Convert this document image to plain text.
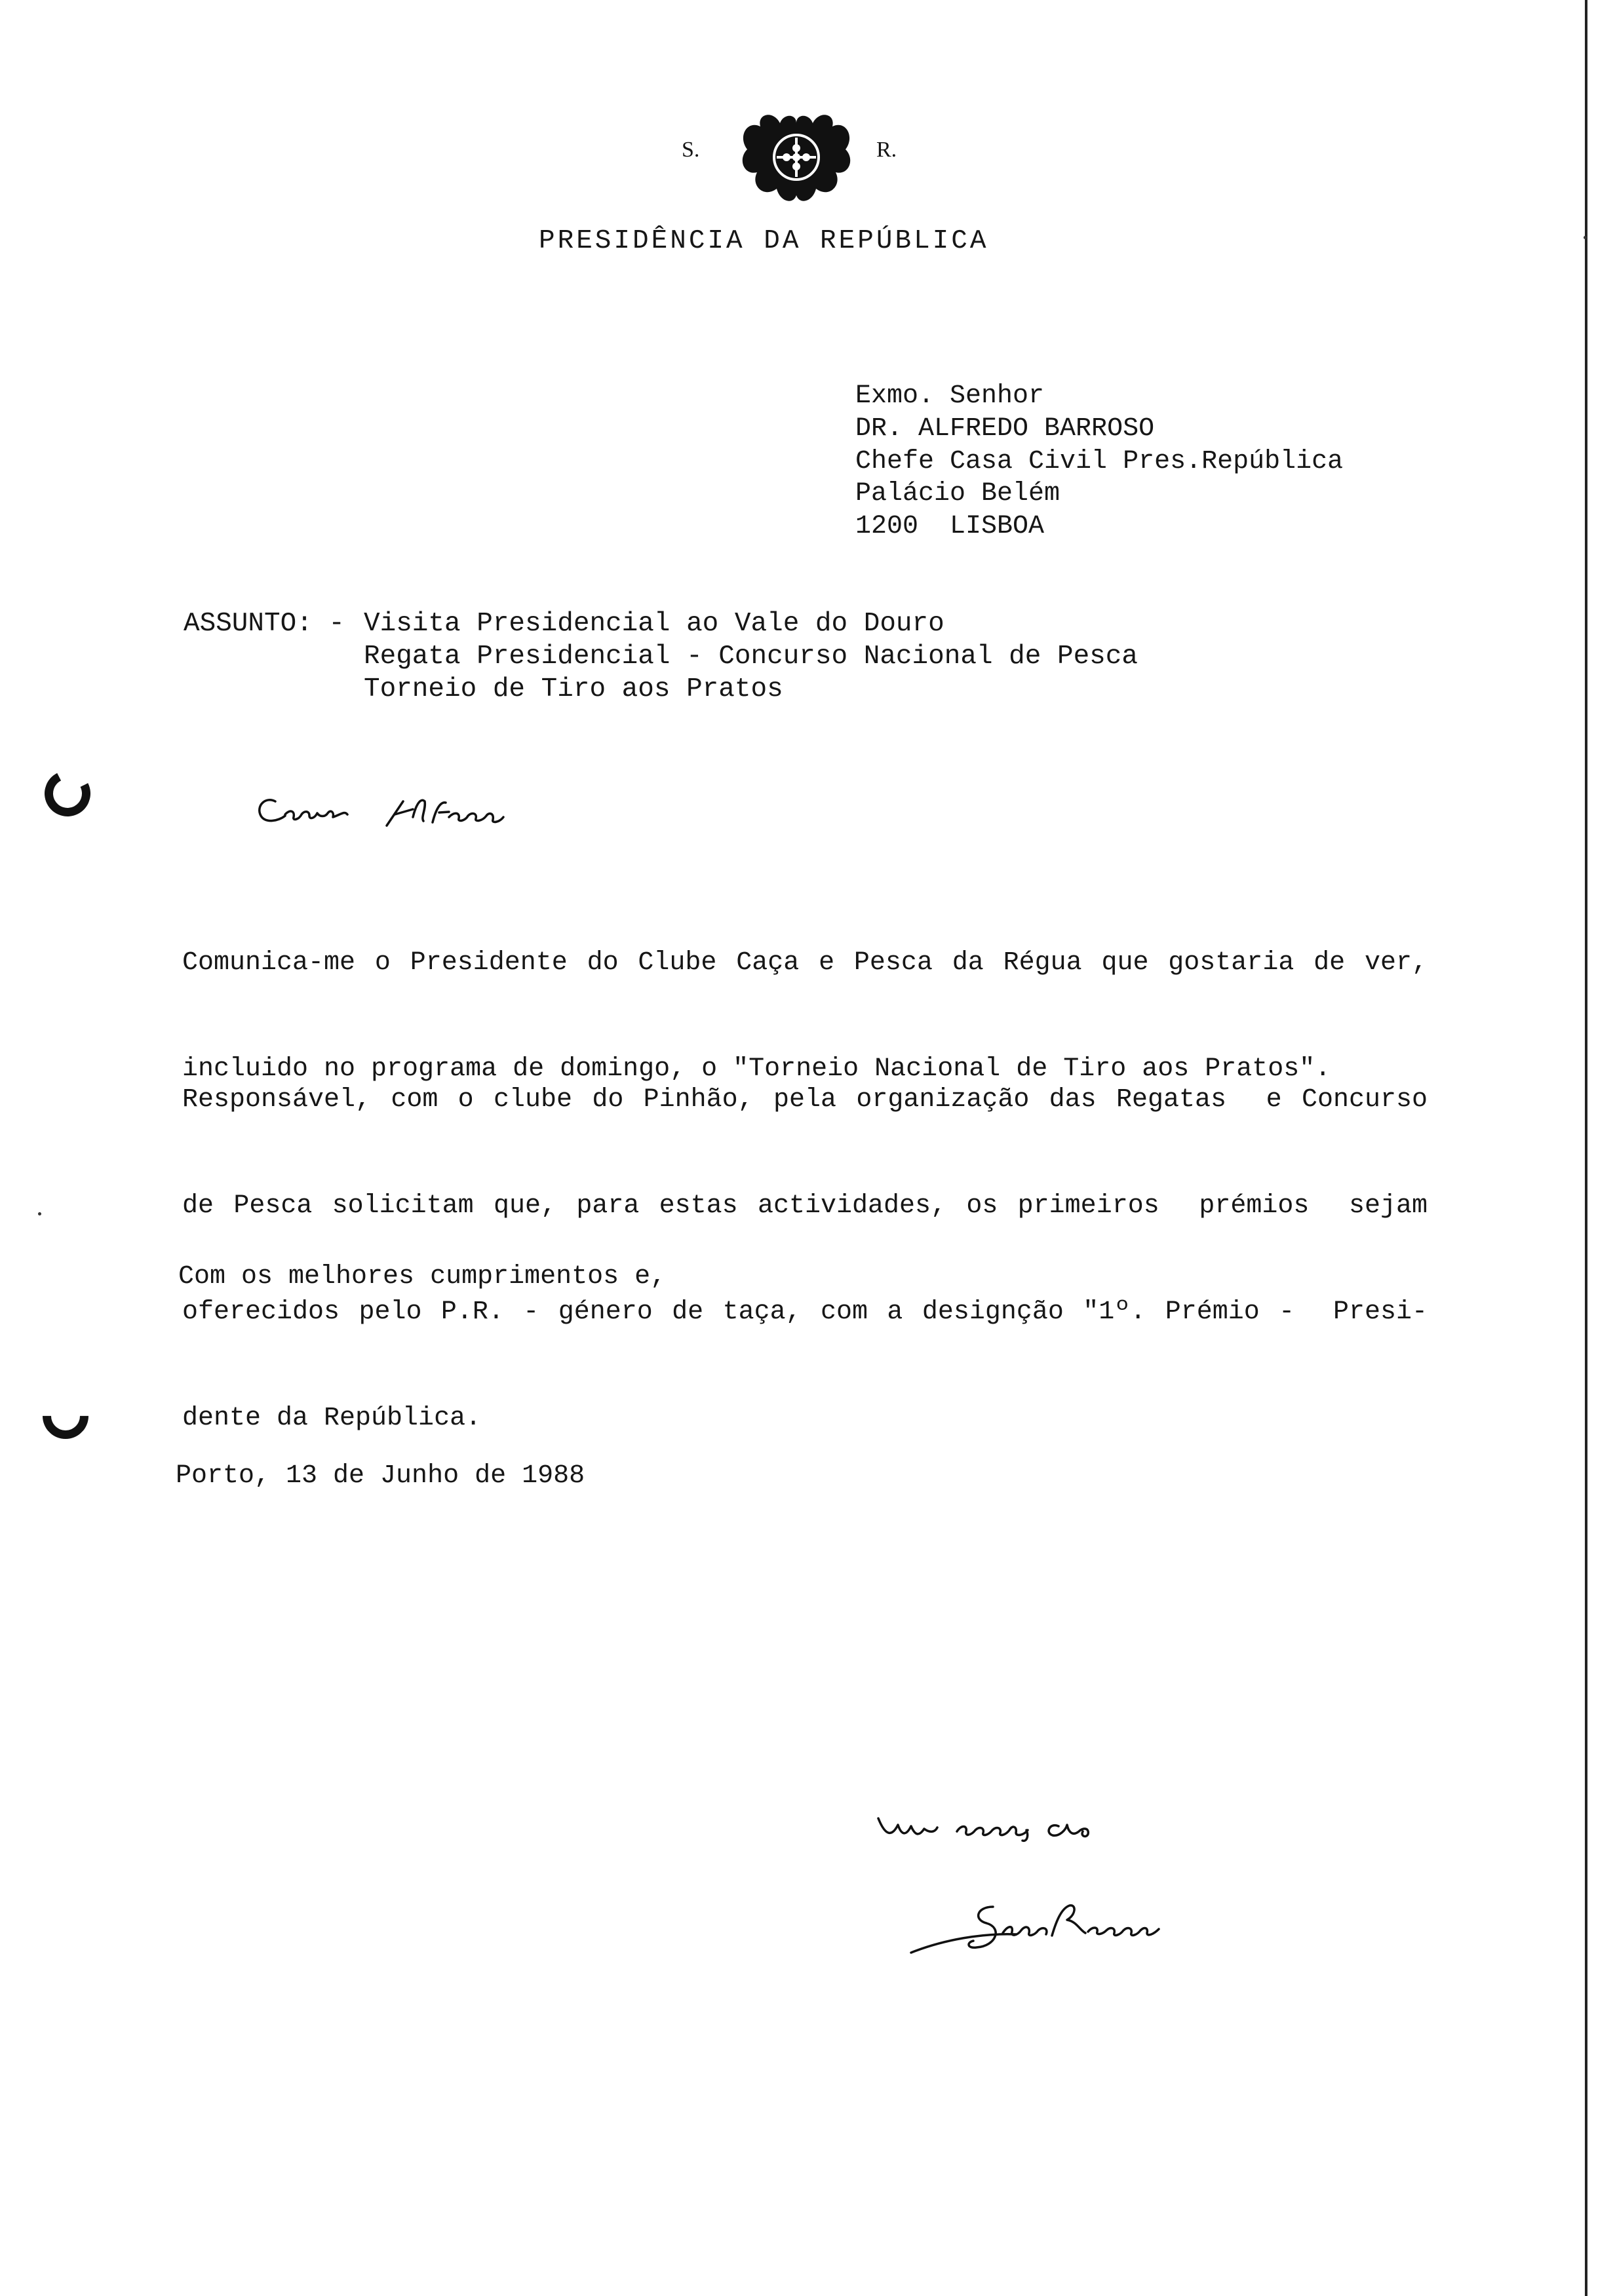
S.	R.
PRESIDÊNCIA DA REPÚBLICA
Exmo. Senhor
DR. ALFREDO BARROSO
Chefe Casa Civil Pres.República
Palácio Belém
1200  LISBOA
ASSUNTO: - Visita Presidencial ao Vale do Douro
Regata Presidencial - Concurso Nacional de Pesca
Torneio de Tiro aos Pratos

Comunica-me o Presidente do Clube Caça e Pesca da Régua que gostaria de ver,

incluido no programa de domingo, o "Torneio Nacional de Tiro aos Pratos".

Responsável, com o clube do Pinhão, pela organização das Regatas  e Concurso

de Pesca solicitam que, para estas actividades, os primeiros  prémios  sejam

oferecidos pelo P.R. - género de taça, com a designção "1º. Prémio -  Presi-

dente da República.

Com os melhores cumprimentos e,
Porto, 13 de Junho de 1988
